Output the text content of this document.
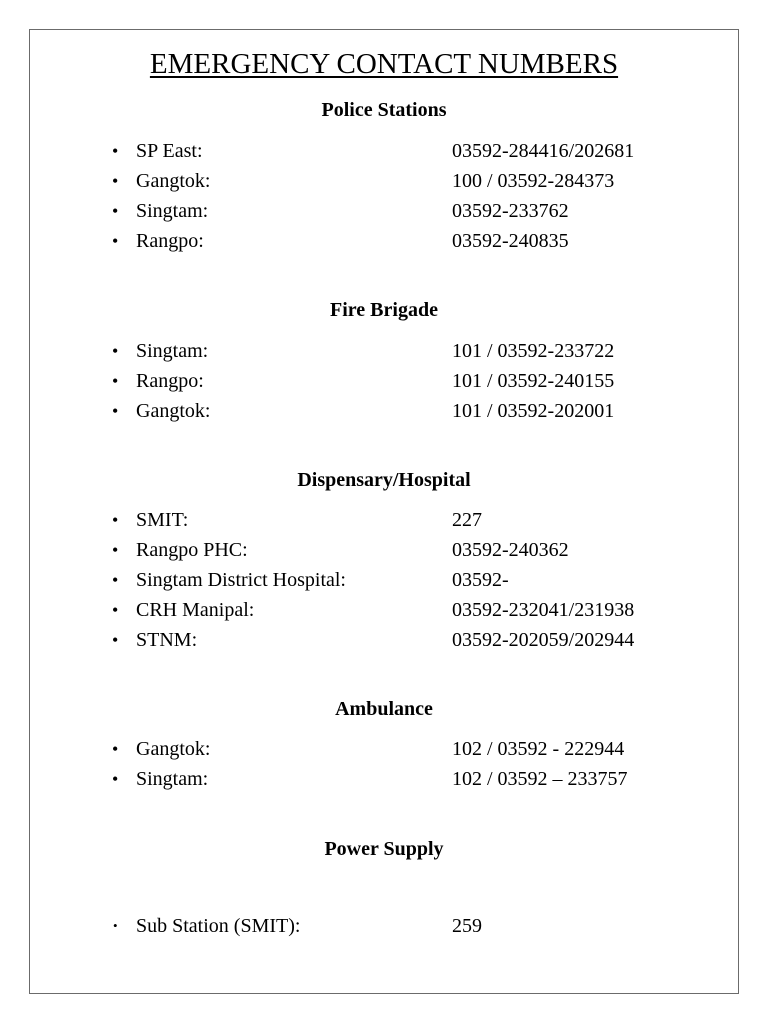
EMERGENCY CONTACT NUMBERS
Police Stations
• SP East:	03592-284416/202681
• Gangtok:	100 / 03592-284373
• Singtam:	03592-233762
• Rangpo:	03592-240835
Fire Brigade
• Singtam:	101 / 03592-233722
• Rangpo:	101 / 03592-240155
• Gangtok:	101 / 03592-202001
Dispensary/Hospital
• SMIT:	227
• Rangpo PHC:	03592-240362
• Singtam District Hospital:	03592-
• CRH Manipal:	03592-232041/231938
• STNM:	03592-202059/202944
Ambulance
• Gangtok:	102 / 03592 - 222944
• Singtam:	102 / 03592 – 233757
Power Supply
• Sub Station (SMIT):	259
